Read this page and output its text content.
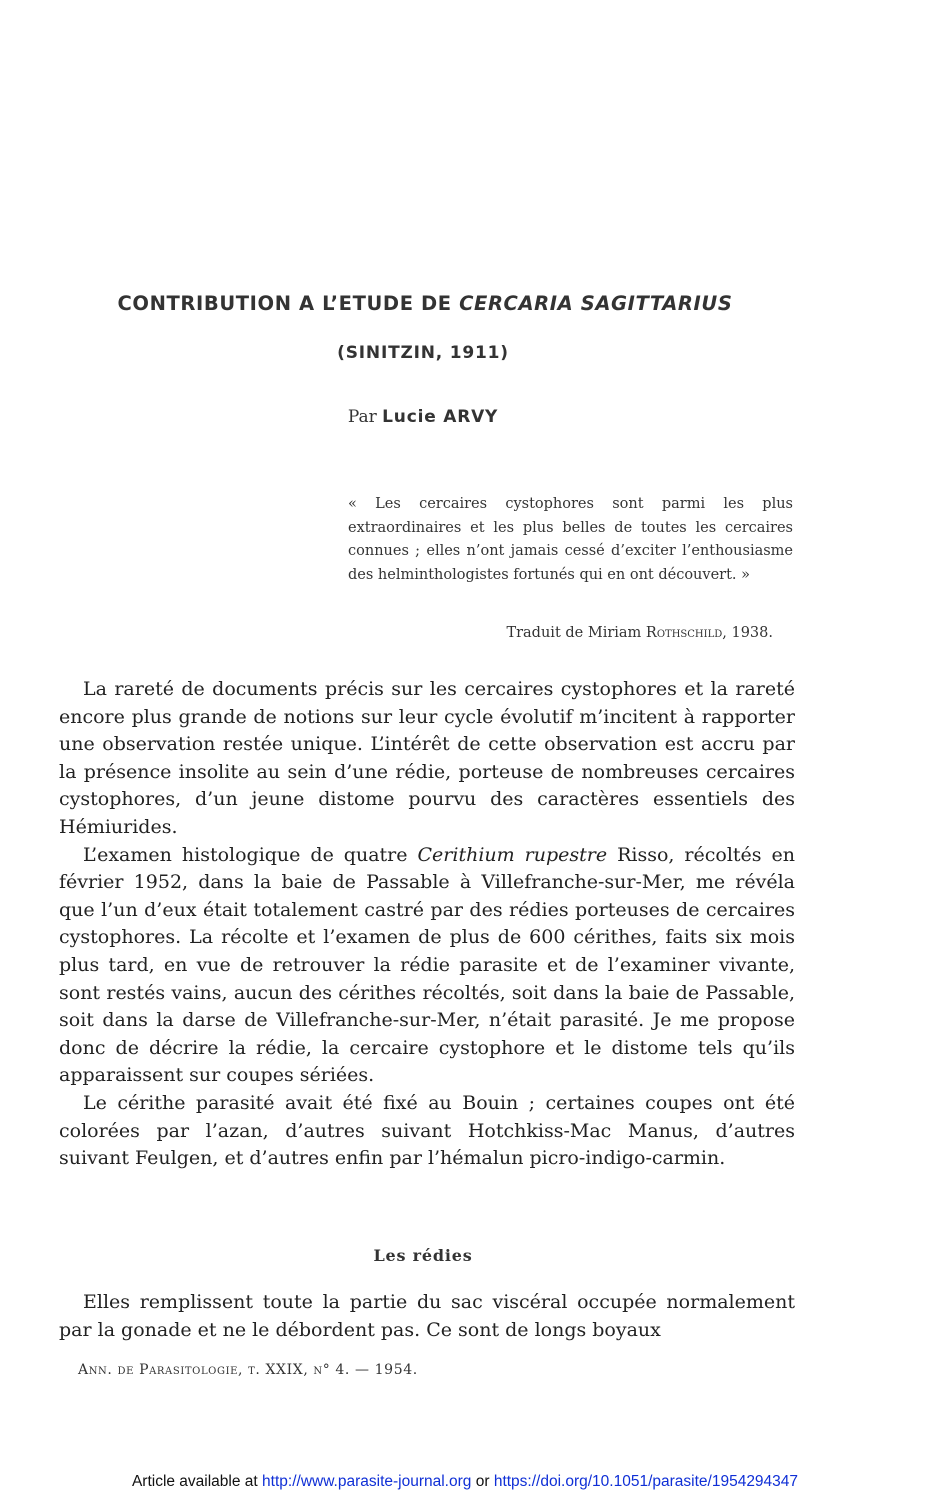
CONTRIBUTION A L’ETUDE DE CERCARIA SAGITTARIUS
(SINITZIN, 1911)
Par Lucie ARVY
« Les cercaires cystophores sont parmi les plus extraordinaires et les plus belles de toutes les cercaires connues ; elles n’ont jamais cessé d’exciter l’enthousiasme des helminthologistes fortunés qui en ont découvert. »
Traduit de Miriam Rothschild, 1938.

La rareté de documents précis sur les cercaires cystophores et la rareté encore plus grande de notions sur leur cycle évolutif m’incitent à rapporter une observation restée unique. L’intérêt de cette observation est accru par la présence insolite au sein d’une rédie, porteuse de nombreuses cercaires cystophores, d’un jeune distome pourvu des caractères essentiels des Hémiurides.

L’examen histologique de quatre Cerithium rupestre Risso, récoltés en février 1952, dans la baie de Passable à Villefranche-sur-Mer, me révéla que l’un d’eux était totalement castré par des rédies porteuses de cercaires cystophores. La récolte et l’examen de plus de 600 cérithes, faits six mois plus tard, en vue de retrouver la rédie parasite et de l’examiner vivante, sont restés vains, aucun des cérithes récoltés, soit dans la baie de Passable, soit dans la darse de Villefranche-sur-Mer, n’était parasité. Je me propose donc de décrire la rédie, la cercaire cystophore et le distome tels qu’ils apparaissent sur coupes sériées.

Le cérithe parasité avait été fixé au Bouin ; certaines coupes ont été colorées par l’azan, d’autres suivant Hotchkiss-Mac Manus, d’autres suivant Feulgen, et d’autres enfin par l’hémalun picro-indigo-carmin.

Les rédies

Elles remplissent toute la partie du sac viscéral occupée normalement par la gonade et ne le débordent pas. Ce sont de longs boyaux

Ann. de Parasitologie, t. XXIX, n° 4. — 1954.
Article available at http://www.parasite-journal.org or https://doi.org/10.1051/parasite/1954294347
